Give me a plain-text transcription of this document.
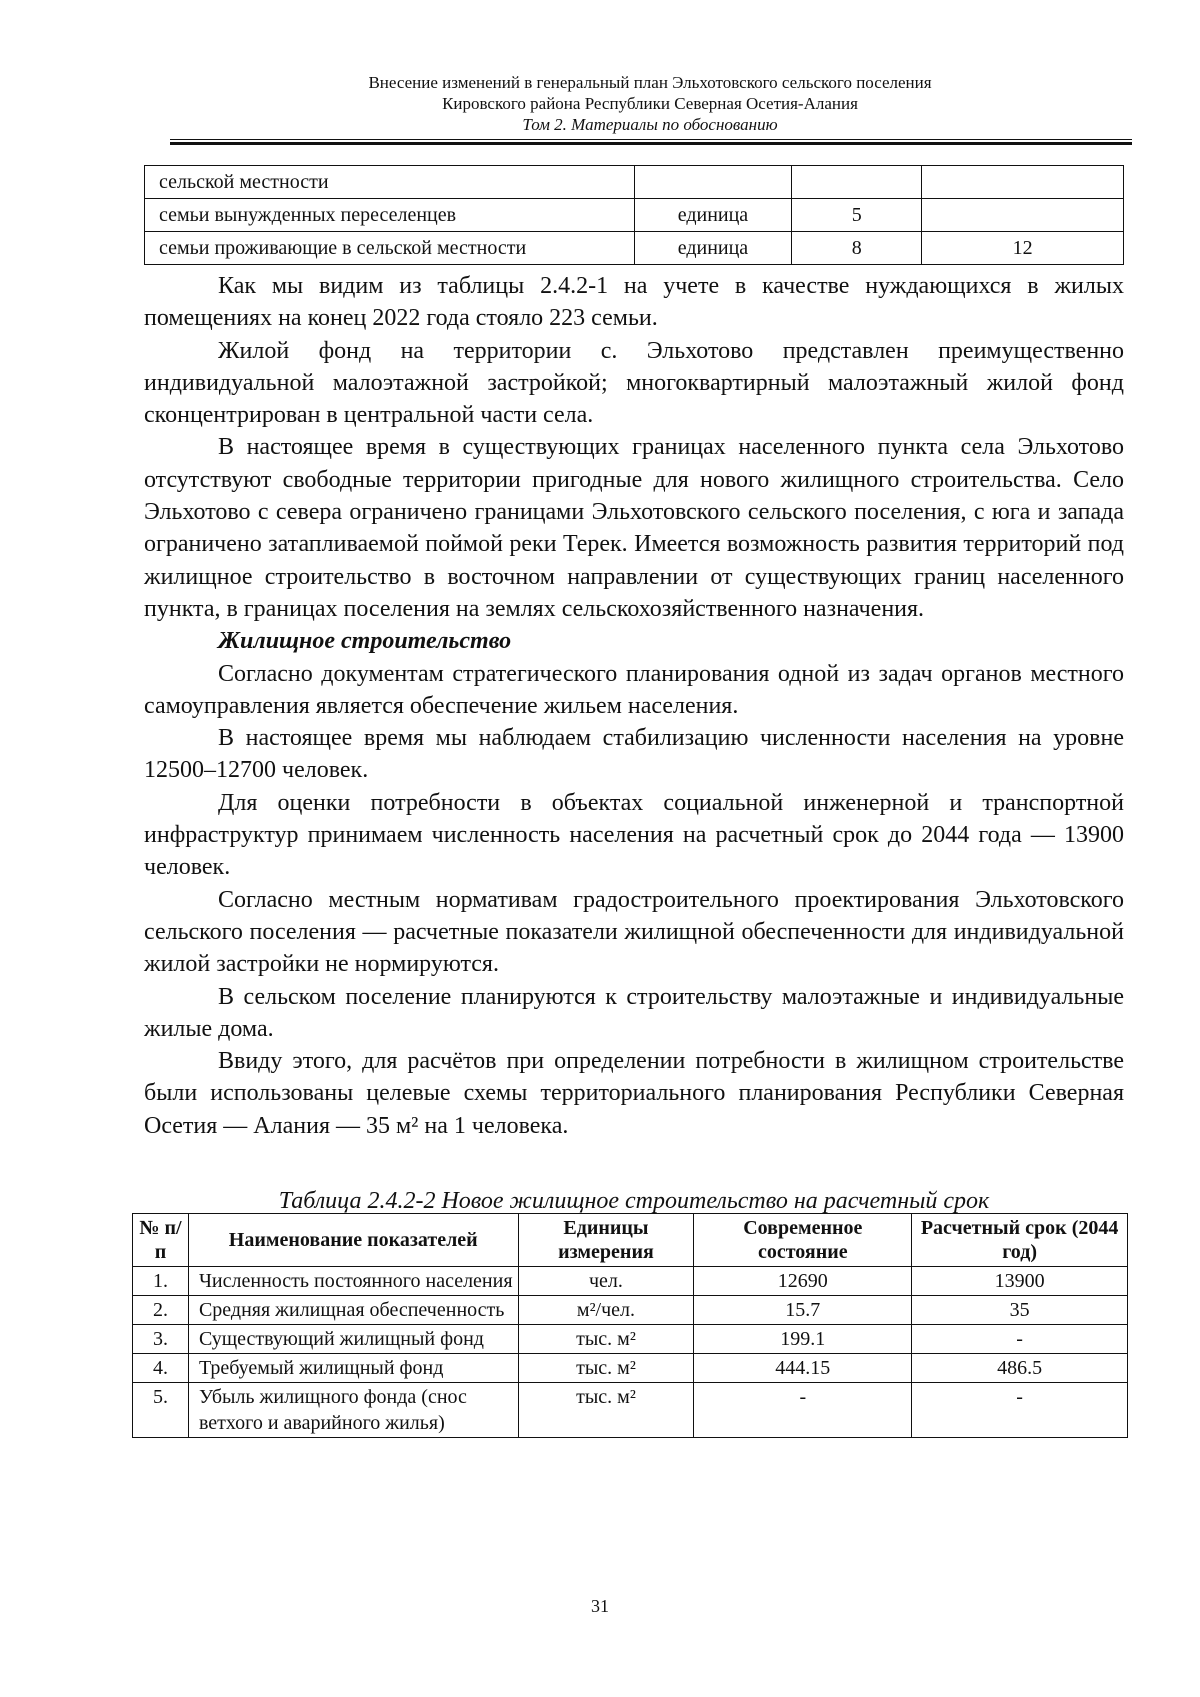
Внесение изменений в генеральный план Эльхотовского сельского поселения
Кировского района Республики Северная Осетия-Алания
Том 2. Материалы по обоснованию
сельской местности			
семьи вынужденных переселенцев	единица	5	
семьи проживающие в сельской местности	единица	8	12

Как мы видим из таблицы 2.4.2-1 на учете в качестве нуждающихся в жилых помещениях на конец 2022 года стояло 223 семьи.

Жилой фонд на территории с. Эльхотово представлен преимущественно индивидуальной малоэтажной застройкой; многоквартирный малоэтажный жилой фонд сконцентрирован в центральной части села.

В настоящее время в существующих границах населенного пункта села Эльхотово отсутствуют свободные территории пригодные для нового жилищного строительства. Село Эльхотово с севера ограничено границами Эльхотовского сельского поселения, с юга и запада ограничено затапливаемой поймой реки Терек. Имеется возможность развития территорий под жилищное строительство в восточном направлении от существующих границ населенного пункта, в границах поселения на землях сельскохозяйственного назначения.

Жилищное строительство

Согласно документам стратегического планирования одной из задач органов местного самоуправления является обеспечение жильем населения.

В настоящее время мы наблюдаем стабилизацию численности населения на уровне 12500–12700 человек.

Для оценки потребности в объектах социальной инженерной и транспортной инфраструктур принимаем численность населения на расчетный срок до 2044 года — 13900 человек.

Согласно местным нормативам градостроительного проектирования Эльхотовского сельского поселения — расчетные показатели жилищной обеспеченности для индивидуальной жилой застройки не нормируются.

В сельском поселение планируются к строительству малоэтажные и индивидуальные жилые дома.

Ввиду этого, для расчётов при определении потребности в жилищном строительстве были использованы целевые схемы территориального планирования Республики Северная Осетия — Алания — 35 м² на 1 человека.

Таблица 2.4.2-2 Новое жилищное строительство на расчетный срок
№ п/п	Наименование показателей	Единицы измерения	Современное состояние	Расчетный срок (2044 год)
1.	Численность постоянного населения	чел.	12690	13900
2.	Средняя жилищная обеспеченность	м²/чел.	15.7	35
3.	Существующий жилищный фонд	тыс. м²	199.1	-
4.	Требуемый жилищный фонд	тыс. м²	444.15	486.5
5.	Убыль жилищного фонда (снос ветхого и аварийного жилья)	тыс. м²	-	-
31
